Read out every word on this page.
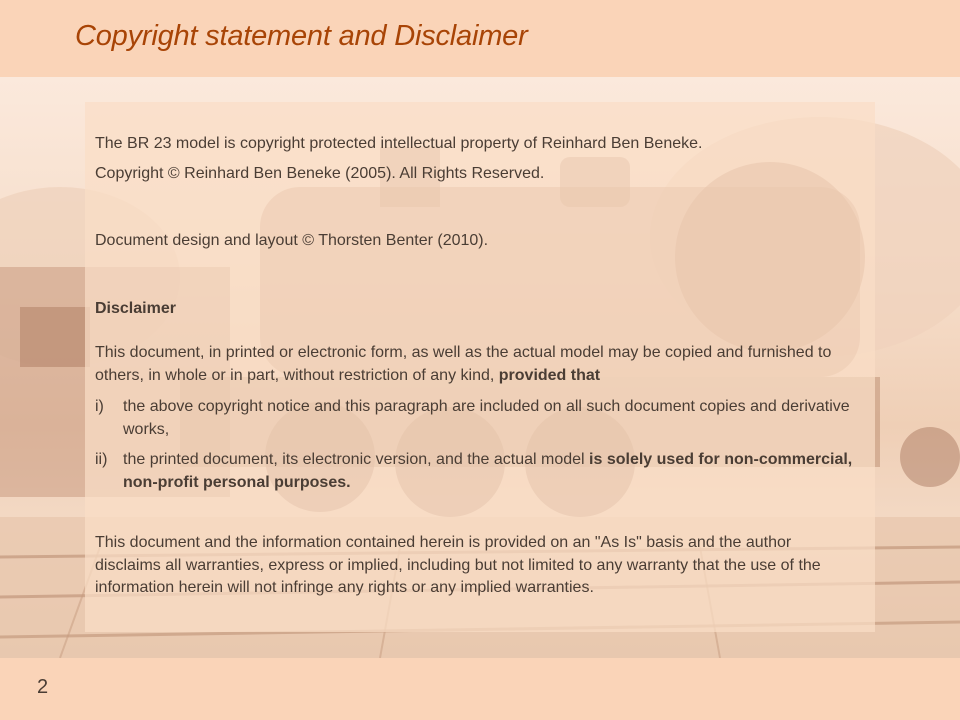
Copyright statement and Disclaimer
The BR 23 model is copyright protected intellectual property of Reinhard Ben Beneke.
Copyright © Reinhard Ben Beneke (2005). All Rights Reserved.
Document design and layout © Thorsten Benter (2010).
Disclaimer
This document, in printed or electronic form, as well as the actual model may be copied and furnished to others, in whole or in part, without restriction of any kind, provided that
i) the above copyright notice and this paragraph are included on all such document copies and derivative works,
ii) the printed document, its electronic version, and the actual model is solely used for non-commercial, non-profit personal purposes.
This document and the information contained herein is provided on an "As Is" basis and the author disclaims all warranties, express or implied, including but not limited to any warranty that the use of the information herein will not infringe any rights or any implied warranties.
2
